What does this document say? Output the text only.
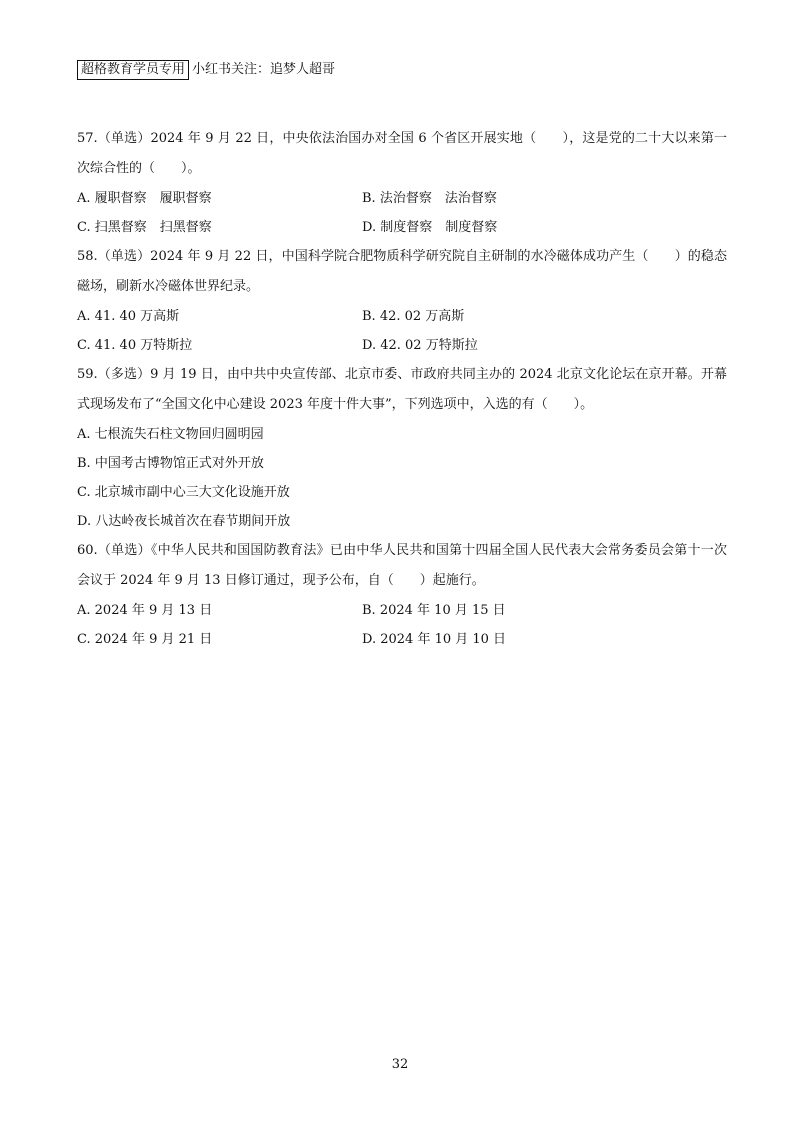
超格教育学员专用 小红书关注：追梦人超哥
57.（单选）2024 年 9 月 22 日，中央依法治国办对全国 6 个省区开展实地（　　），这是党的二十大以来第一次综合性的（　　）。
A. 履职督察　履职督察	B. 法治督察　法治督察
C. 扫黑督察　扫黑督察	D. 制度督察　制度督察
58.（单选）2024 年 9 月 22 日，中国科学院合肥物质科学研究院自主研制的水冷磁体成功产生（　　）的稳态磁场，刷新水冷磁体世界纪录。
A. 41. 40 万高斯	B. 42. 02 万高斯
C. 41. 40 万特斯拉	D. 42. 02 万特斯拉
59.（多选）9 月 19 日，由中共中央宣传部、北京市委、市政府共同主办的 2024 北京文化论坛在京开幕。开幕式现场发布了“全国文化中心建设 2023 年度十件大事”，下列选项中，入选的有（　　）。
A. 七根流失石柱文物回归圆明园
B. 中国考古博物馆正式对外开放
C. 北京城市副中心三大文化设施开放
D. 八达岭夜长城首次在春节期间开放
60.（单选）《中华人民共和国国防教育法》已由中华人民共和国第十四届全国人民代表大会常务委员会第十一次会议于 2024 年 9 月 13 日修订通过，现予公布，自（　　）起施行。
A. 2024 年 9 月 13 日	B. 2024 年 10 月 15 日
C. 2024 年 9 月 21 日	D. 2024 年 10 月 10 日
32
